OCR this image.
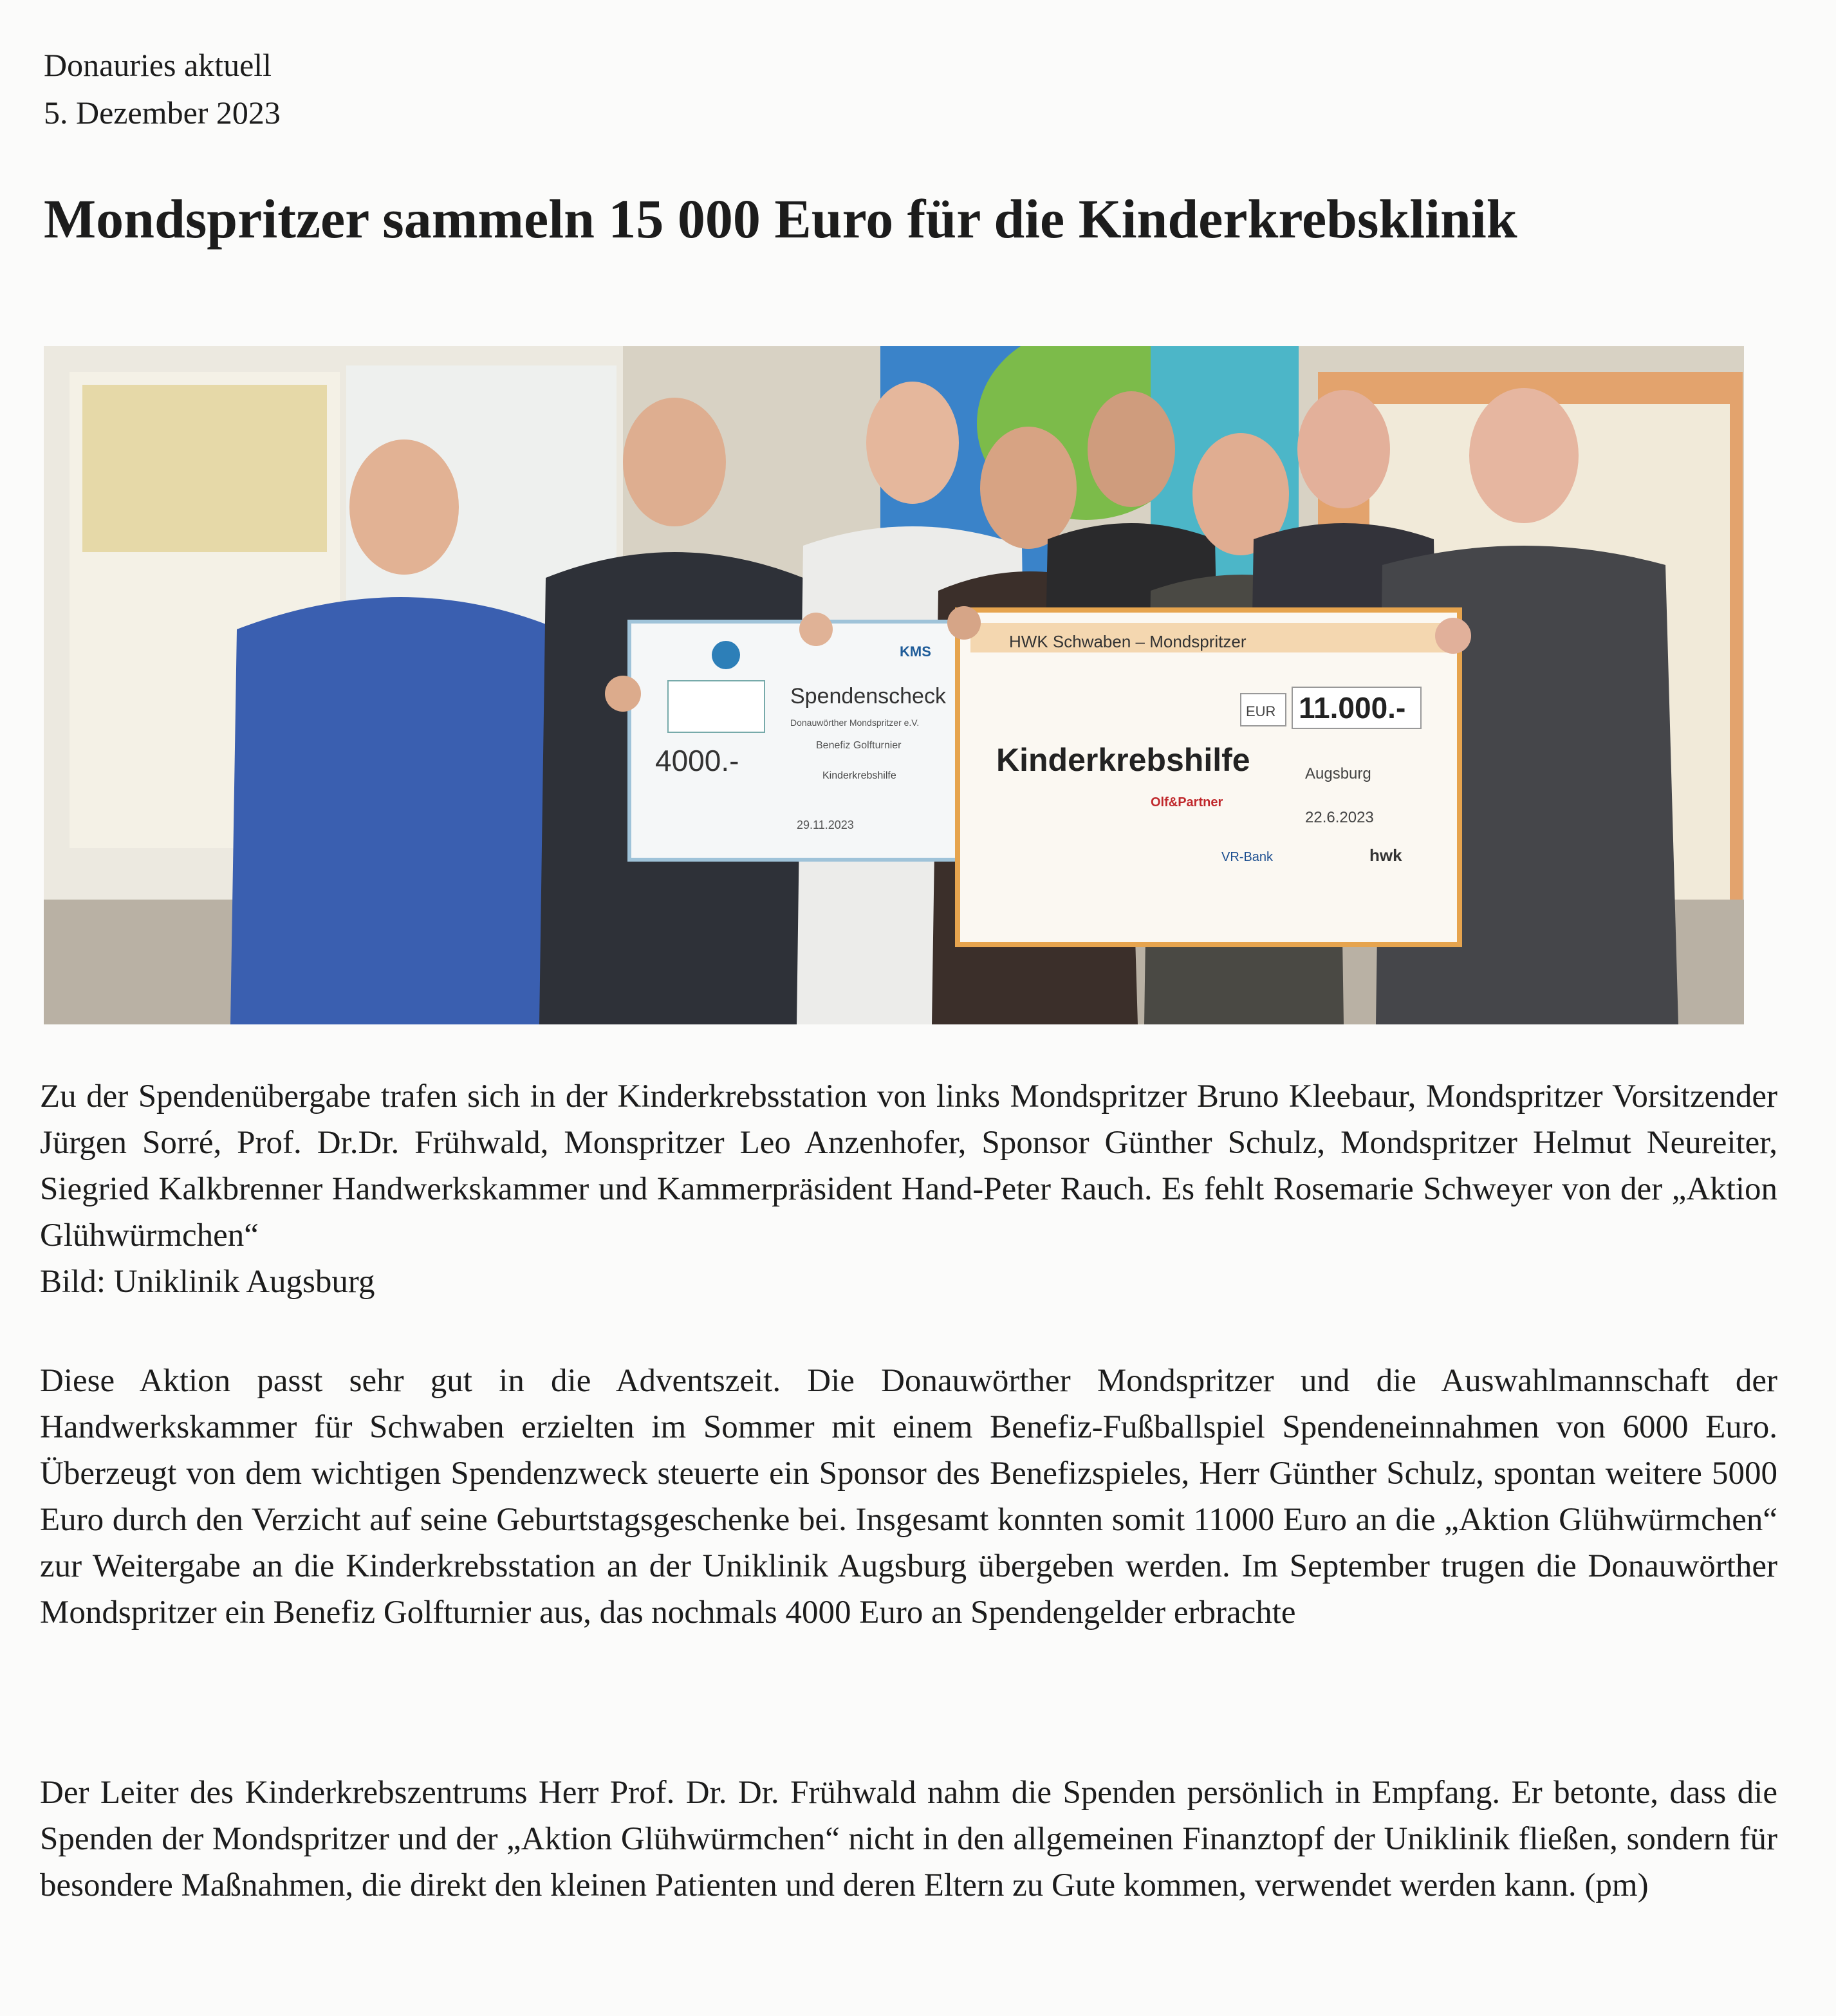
Donauries aktuell
5. Dezember 2023
Mondspritzer sammeln 15 000 Euro für die Kinderkrebsklinik
KMS
Spendenscheck
Donauwörther Mondspritzer e.V.
4000.-	Benefiz Golfturnier
Kinderkrebshilfe
29.11.2023
HWK Schwaben – Mondspritzer
EUR 11.000.-
Kinderkrebshilfe	Augsburg
22.6.2023
Olf&Partner
VR-Bank	hwk

Zu der Spendenübergabe trafen sich in der Kinderkrebsstation von links Mondspritzer Bruno Kleebaur, Mondspritzer Vorsitzender Jürgen Sorré, Prof. Dr.Dr. Frühwald, Monspritzer Leo Anzenhofer, Sponsor Günther Schulz, Mondspritzer Helmut Neureiter, Siegried Kalkbrenner Handwerkskammer und Kammerpräsident Hand-Peter Rauch. Es fehlt Rosemarie Schweyer von der „Aktion Glühwürmchen“

Bild: Uniklinik Augsburg

Diese Aktion passt sehr gut in die Adventszeit. Die Donauwörther Mondspritzer und die Auswahlmannschaft der Handwerkskammer für Schwaben erzielten im Sommer mit einem Benefiz-Fußballspiel Spendeneinnahmen von 6000 Euro. Überzeugt von dem wichtigen Spendenzweck steuerte ein Sponsor des Benefizspieles, Herr Günther Schulz, spontan weitere 5000 Euro durch den Verzicht auf seine Geburtstagsgeschenke bei. Insgesamt konnten somit 11000 Euro an die „Aktion Glühwürmchen“ zur Weitergabe an die Kinderkrebsstation an der Uniklinik Augsburg übergeben werden. Im September trugen die Donauwörther Mondspritzer ein Benefiz Golfturnier aus, das nochmals 4000 Euro an Spendengelder erbrachte

Der Leiter des Kinderkrebszentrums Herr Prof. Dr. Dr. Frühwald nahm die Spenden persönlich in Empfang. Er betonte, dass die Spenden der Mondspritzer und der „Aktion Glühwürmchen“ nicht in den allgemeinen Finanztopf der Uniklinik fließen, sondern für besondere Maßnahmen, die direkt den kleinen Patienten und deren Eltern zu Gute kommen, verwendet werden kann. (pm)
